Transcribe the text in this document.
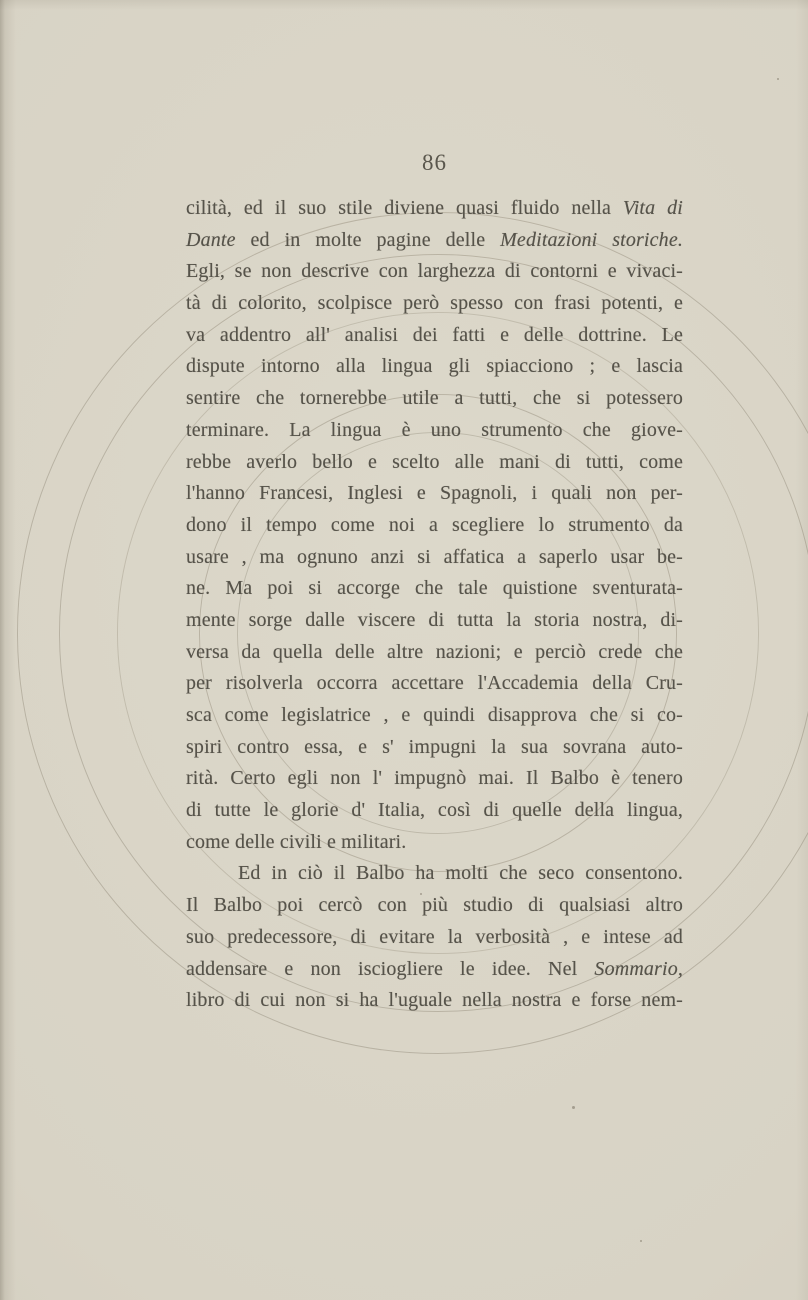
86
cilità, ed il suo stile diviene quasi fluido nella Vita di
Dante ed in molte pagine delle Meditazioni storiche.
Egli, se non descrive con larghezza di contorni e vivaci-
tà di colorito, scolpisce però spesso con frasi potenti, e
va addentro all' analisi dei fatti e delle dottrine. Le
dispute intorno alla lingua gli spiacciono ; e lascia
sentire che tornerebbe utile a tutti, che si potessero
terminare. La lingua è uno strumento che giove-
rebbe averlo bello e scelto alle mani di tutti, come
l'hanno Francesi, Inglesi e Spagnoli, i quali non per-
dono il tempo come noi a scegliere lo strumento da
usare , ma ognuno anzi si affatica a saperlo usar be-
ne. Ma poi si accorge che tale quistione sventurata-
mente sorge dalle viscere di tutta la storia nostra, di-
versa da quella delle altre nazioni; e perciò crede che
per risolverla occorra accettare l'Accademia della Cru-
sca come legislatrice , e quindi disapprova che si co-
spiri contro essa, e s' impugni la sua sovrana auto-
rità. Certo egli non l' impugnò mai. Il Balbo è tenero
di tutte le glorie d' Italia, così di quelle della lingua,
come delle civili e militari.
Ed in ciò il Balbo ha molti che seco consentono.
Il Balbo poi cercò con più studio di qualsiasi altro
suo predecessore, di evitare la verbosità , e intese ad
addensare e non isciogliere le idee. Nel Sommario,
libro di cui non si ha l'uguale nella nostra e forse nem-
